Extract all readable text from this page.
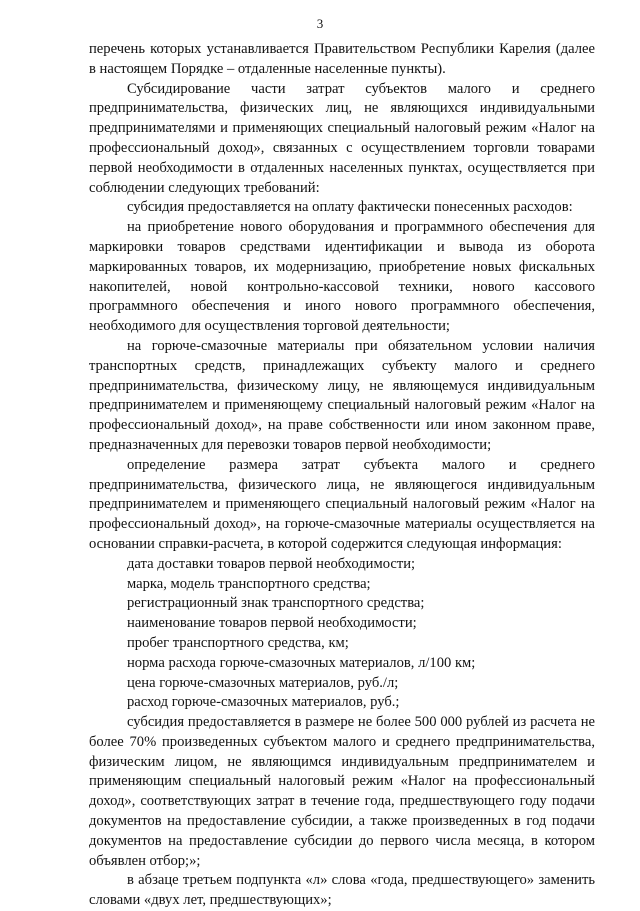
3

перечень которых устанавливается Правительством Республики Карелия (далее в настоящем Порядке – отдаленные населенные пункты).

Субсидирование части затрат субъектов малого и среднего предпринимательства, физических лиц, не являющихся индивидуальными предпринимателями и применяющих специальный налоговый режим «Налог на профессиональный доход», связанных с осуществлением торговли товарами первой необходимости в отдаленных населенных пунктах, осуществляется при соблюдении следующих требований:

субсидия предоставляется на оплату фактически понесенных расходов:

на приобретение нового оборудования и программного обеспечения для маркировки товаров средствами идентификации и вывода из оборота маркированных товаров, их модернизацию, приобретение новых фискальных накопителей, новой контрольно-кассовой техники, нового кассового программного обеспечения и иного нового программного обеспечения, необходимого для осуществления торговой деятельности;

на горюче-смазочные материалы при обязательном условии наличия транспортных средств, принадлежащих субъекту малого и среднего предпринимательства, физическому лицу, не являющемуся индивидуальным предпринимателем и применяющему специальный налоговый режим «Налог на профессиональный доход», на праве собственности или ином законном праве, предназначенных для перевозки товаров первой необходимости;

определение размера затрат субъекта малого и среднего предпринимательства, физического лица, не являющегося индивидуальным предпринимателем и применяющего специальный налоговый режим «Налог на профессиональный доход», на горюче-смазочные материалы осуществляется на основании справки-расчета, в которой содержится следующая информация:

дата доставки товаров первой необходимости;

марка, модель транспортного средства;

регистрационный знак транспортного средства;

наименование товаров первой необходимости;

пробег транспортного средства, км;

норма расхода горюче-смазочных материалов, л/100 км;

цена горюче-смазочных материалов, руб./л;

расход горюче-смазочных материалов, руб.;

субсидия предоставляется в размере не более 500 000 рублей из расчета не более 70% произведенных субъектом малого и среднего предпринимательства, физическим лицом, не являющимся индивидуальным предпринимателем и применяющим специальный налоговый режим «Налог на профессиональный доход», соответствующих затрат в течение года, предшествующего году подачи документов на предоставление субсидии, а также произведенных в год подачи документов на предоставление субсидии до первого числа месяца, в котором объявлен отбор;»;

в абзаце третьем подпункта «л» слова «года, предшествующего» заменить словами «двух лет, предшествующих»;
